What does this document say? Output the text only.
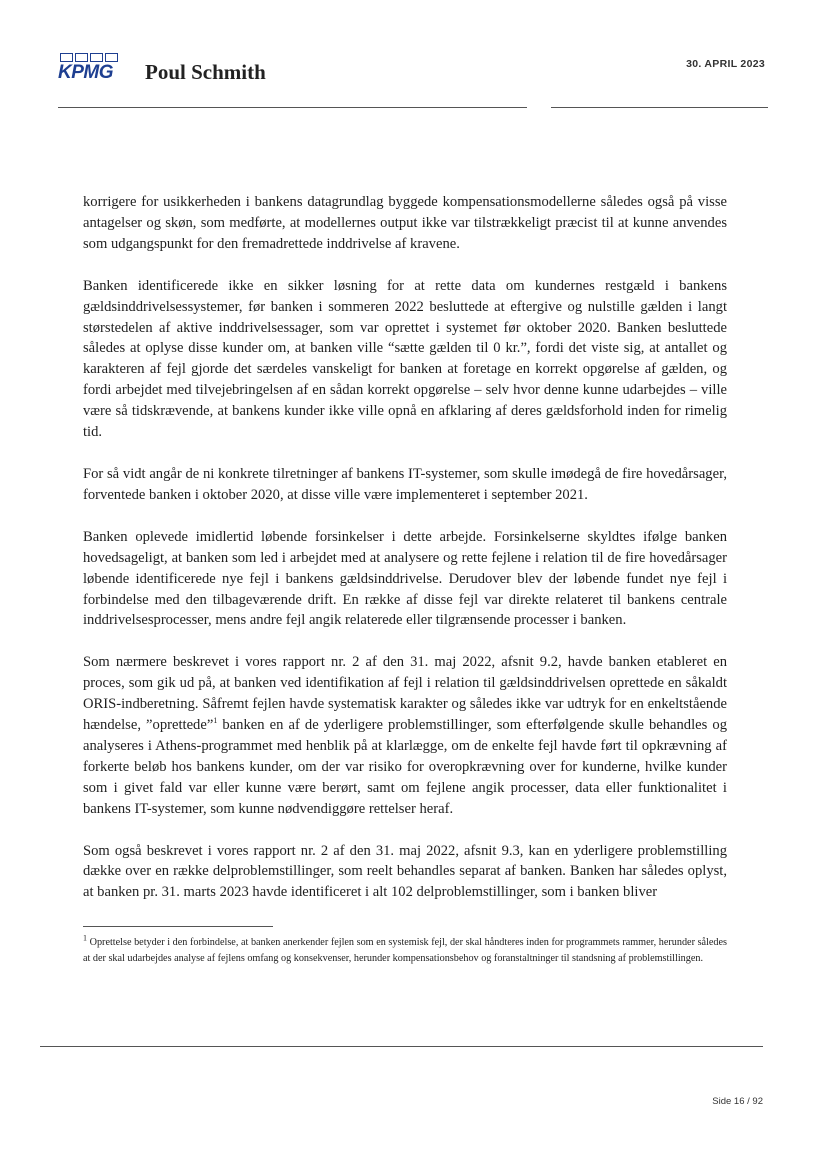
KPMG Poul Schmith	30. APRIL 2023

korrigere for usikkerheden i bankens datagrundlag byggede kompensationsmodellerne således også på visse antagelser og skøn, som medførte, at modellernes output ikke var tilstrækkeligt præcist til at kunne anvendes som udgangspunkt for den fremadrettede inddrivelse af kravene.

Banken identificerede ikke en sikker løsning for at rette data om kundernes restgæld i bankens gældsinddrivelsessystemer, før banken i sommeren 2022 besluttede at eftergive og nulstille gælden i langt størstedelen af aktive inddrivelsessager, som var oprettet i systemet før oktober 2020. Banken besluttede således at oplyse disse kunder om, at banken ville “sætte gælden til 0 kr.”, fordi det viste sig, at antallet og karakteren af fejl gjorde det særdeles vanskeligt for banken at foretage en korrekt opgørelse af gælden, og fordi arbejdet med tilvejebringelsen af en sådan korrekt opgørelse – selv hvor denne kunne udarbejdes – ville være så tidskrævende, at bankens kunder ikke ville opnå en afklaring af deres gældsforhold inden for rimelig tid.

For så vidt angår de ni konkrete tilretninger af bankens IT-systemer, som skulle imødegå de fire hovedårsager, forventede banken i oktober 2020, at disse ville være implementeret i september 2021.

Banken oplevede imidlertid løbende forsinkelser i dette arbejde. Forsinkelserne skyldtes ifølge banken hovedsageligt, at banken som led i arbejdet med at analysere og rette fejlene i relation til de fire hovedårsager løbende identificerede nye fejl i bankens gældsinddrivelse. Derudover blev der løbende fundet nye fejl i forbindelse med den tilbageværende drift. En række af disse fejl var direkte relateret til bankens centrale inddrivelsesprocesser, mens andre fejl angik relaterede eller tilgrænsende processer i banken.

Som nærmere beskrevet i vores rapport nr. 2 af den 31. maj 2022, afsnit 9.2, havde banken etableret en proces, som gik ud på, at banken ved identifikation af fejl i relation til gældsinddrivelsen oprettede en såkaldt ORIS-indberetning. Såfremt fejlen havde systematisk karakter og således ikke var udtryk for en enkeltstående hændelse, ”oprettede”$^1$ banken en af de yderligere problemstillinger, som efterfølgende skulle behandles og analyseres i Athens-programmet med henblik på at klarlægge, om de enkelte fejl havde ført til opkrævning af forkerte beløb hos bankens kunder, om der var risiko for overopkrævning over for kunderne, hvilke kunder som i givet fald var eller kunne være berørt, samt om fejlene angik processer, data eller funktionalitet i bankens IT-systemer, som kunne nødvendiggøre rettelser heraf.

Som også beskrevet i vores rapport nr. 2 af den 31. maj 2022, afsnit 9.3, kan en yderligere problemstilling dække over en række delproblemstillinger, som reelt behandles separat af banken. Banken har således oplyst, at banken pr. 31. marts 2023 havde identificeret i alt 102 delproblemstillinger, som i banken bliver

$^1$ Oprettelse betyder i den forbindelse, at banken anerkender fejlen som en systemisk fejl, der skal håndteres inden for programmets rammer, herunder således at der skal udarbejdes analyse af fejlens omfang og konsekvenser, herunder kompensationsbehov og foranstaltninger til standsning af problemstillingen.
Side 16 / 92
